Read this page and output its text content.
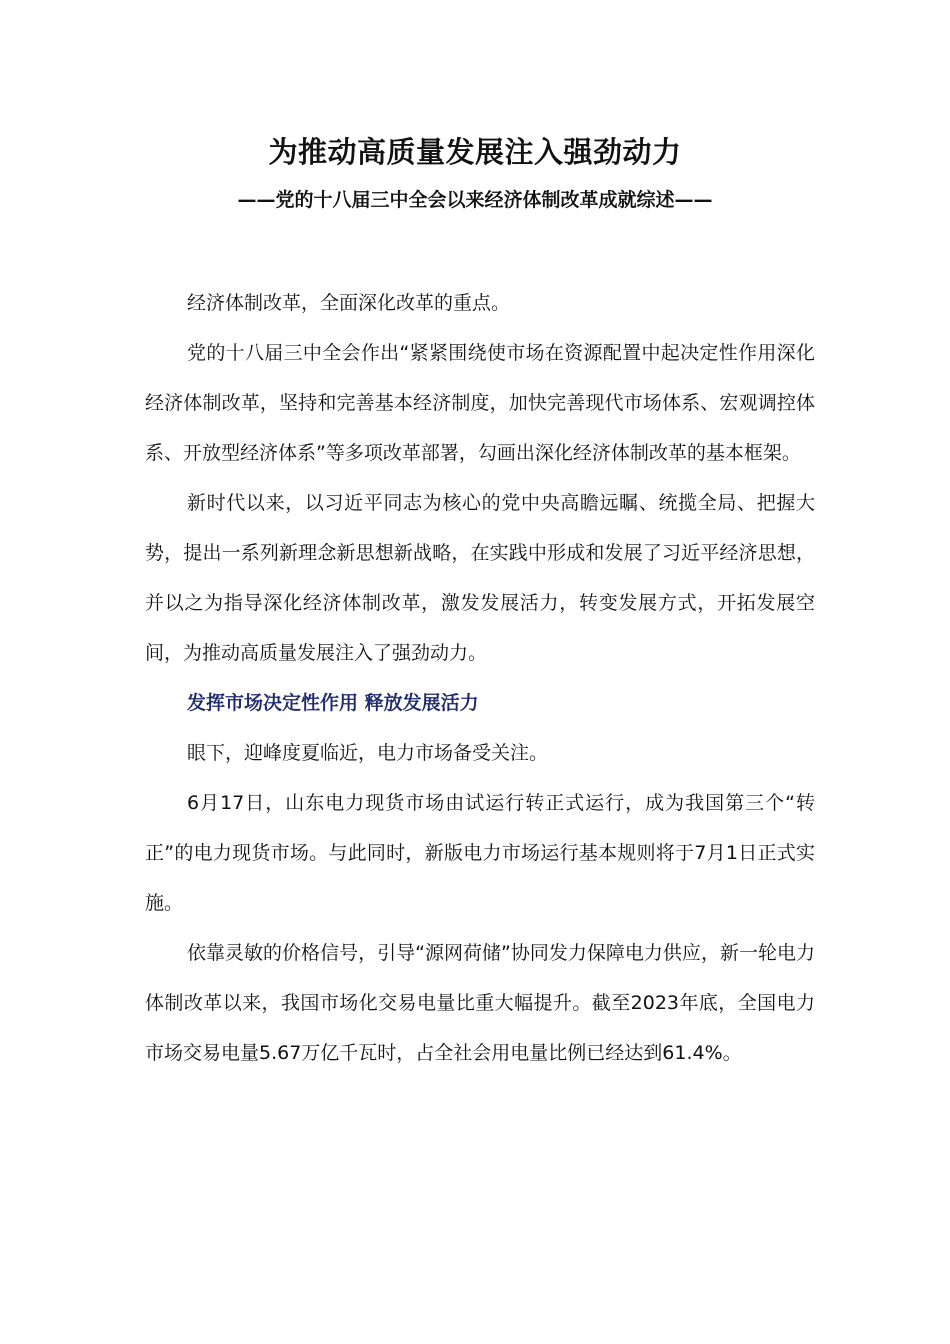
为推动高质量发展注入强劲动力
——党的十八届三中全会以来经济体制改革成就综述——

经济体制改革，全面深化改革的重点。

党的十八届三中全会作出“紧紧围绕使市场在资源配置中起决定性作用深化经济体制改革，坚持和完善基本经济制度，加快完善现代市场体系、宏观调控体系、开放型经济体系”等多项改革部署，勾画出深化经济体制改革的基本框架。

新时代以来，以习近平同志为核心的党中央高瞻远瞩、统揽全局、把握大势，提出一系列新理念新思想新战略，在实践中形成和发展了习近平经济思想，并以之为指导深化经济体制改革，激发发展活力，转变发展方式，开拓发展空间，为推动高质量发展注入了强劲动力。

发挥市场决定性作用 释放发展活力

眼下，迎峰度夏临近，电力市场备受关注。

6月17日，山东电力现货市场由试运行转正式运行，成为我国第三个“转正”的电力现货市场。与此同时，新版电力市场运行基本规则将于7月1日正式实施。

依靠灵敏的价格信号，引导“源网荷储”协同发力保障电力供应，新一轮电力体制改革以来，我国市场化交易电量比重大幅提升。截至2023年底，全国电力市场交易电量5.67万亿千瓦时，占全社会用电量比例已经达到61.4%。
